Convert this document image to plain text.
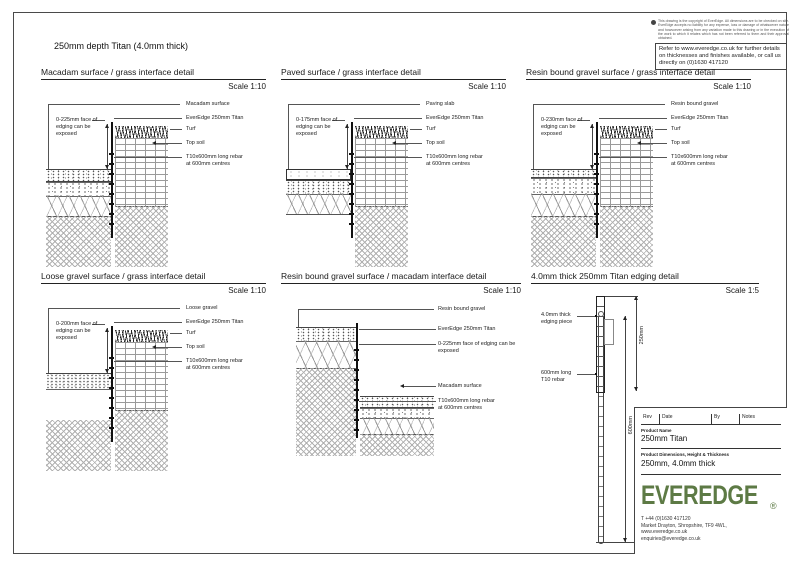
250mm depth Titan (4.0mm thick)
This drawing is the copyright of EverEdge. All dimensions are to be checked on site. EverEdge accepts no liability for any expense, loss or damage of whatsoever nature and howsoever arising from any variation made to this drawing or in the execution of the work to which it relates which has not been referred to them and their approval obtained.
Refer to www.everedge.co.uk for further details on thicknesses and finishes available, or call us directly on (0)1630 417120
Macadam surface / grass interface detail
Scale 1:10
Macadam surface
EverEdge 250mm Titan
Turf
Top soil
T10x600mm long rebar
at 600mm centres
0-225mm face of
edging can be
exposed
Paved surface / grass interface detail
Scale 1:10
Paving slab
EverEdge 250mm Titan
Turf
Top soil
T10x600mm long rebar
at 600mm centres
0-175mm face of
edging can be
exposed
Resin bound gravel surface / grass interface detail
Scale 1:10
Resin bound gravel
EverEdge 250mm Titan
Turf
Top soil
T10x600mm long rebar
at 600mm centres
0-230mm face of
edging can be
exposed
Loose gravel surface / grass interface detail
Scale 1:10
Loose gravel
EverEdge 250mm Titan
Turf
Top soil
T10x600mm long rebar
at 600mm centres
0-200mm face of
edging can be
exposed
Resin bound gravel surface / macadam interface detail
Scale 1:10
Resin bound gravel
EverEdge 250mm Titan
0-225mm face of edging can be
exposed
Macadam surface
T10x600mm long rebar
at 600mm centres
4.0mm thick 250mm Titan edging detail
Scale 1:5
250mm
600mm
4.0mm thick
edging piece
600mm long
T10 rebar
Rev	Date	By	Notes
Product Name
250mm Titan
Product Dimensions, Height & Thickness
250mm, 4.0mm thick
EVEREDGE ®
T +44 (0)1630 417120
Market Drayton, Shropshire, TF9 4WL,
www.everedge.co.uk
enquiries@everedge.co.uk
